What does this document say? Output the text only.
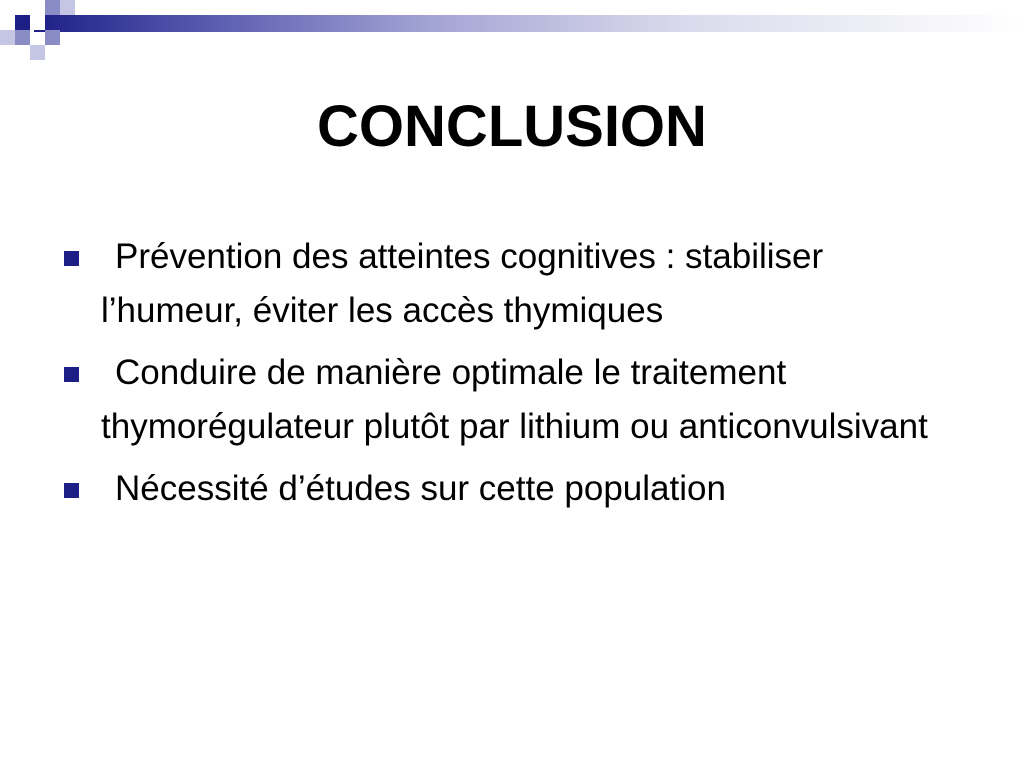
CONCLUSION
Prévention des atteintes cognitives : stabiliser l’humeur, éviter les accès thymiques
Conduire de manière optimale le traitement thymorégulateur plutôt par lithium ou anticonvulsivant
Nécessité d’études sur cette population
